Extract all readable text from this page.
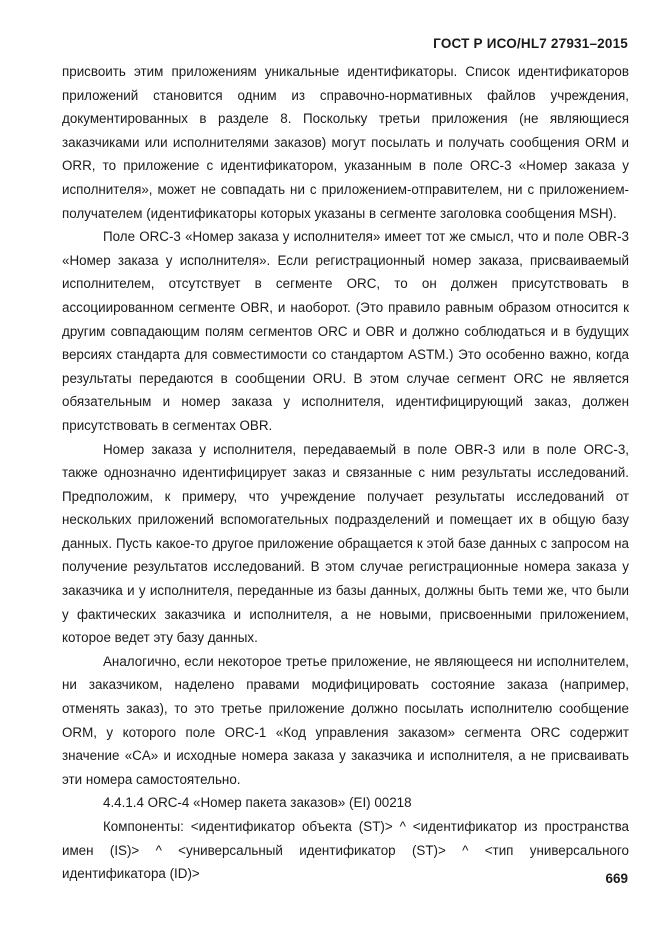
ГОСТ Р ИСО/HL7 27931–2015

присвоить этим приложениям уникальные идентификаторы. Список идентификаторов приложений становится одним из справочно-нормативных файлов учреждения, документированных в разделе 8. Поскольку третьи приложения (не являющиеся заказчиками или исполнителями заказов) могут посылать и получать сообщения ORM и ORR, то приложение с идентификатором, указанным в поле ORC-3 «Номер заказа у исполнителя», может не совпадать ни с приложением-отправителем, ни с приложением-получателем (идентификаторы которых указаны в сегменте заголовка сообщения MSH).

Поле ORC-3 «Номер заказа у исполнителя» имеет тот же смысл, что и поле OBR-3 «Номер заказа у исполнителя». Если регистрационный номер заказа, присваиваемый исполнителем, отсутствует в сегменте ORC, то он должен присутствовать в ассоциированном сегменте OBR, и наоборот. (Это правило равным образом относится к другим совпадающим полям сегментов ORC и OBR и должно соблюдаться и в будущих версиях стандарта для совместимости со стандартом ASTM.) Это особенно важно, когда результаты передаются в сообщении ORU. В этом случае сегмент ORC не является обязательным и номер заказа у исполнителя, идентифицирующий заказ, должен присутствовать в сегментах OBR.

Номер заказа у исполнителя, передаваемый в поле OBR-3 или в поле ORC-3, также однозначно идентифицирует заказ и связанные с ним результаты исследований. Предположим, к примеру, что учреждение получает результаты исследований от нескольких приложений вспомогательных подразделений и помещает их в общую базу данных. Пусть какое-то другое приложение обращается к этой базе данных с запросом на получение результатов исследований. В этом случае регистрационные номера заказа у заказчика и у исполнителя, переданные из базы данных, должны быть теми же, что были у фактических заказчика и исполнителя, а не новыми, присвоенными приложением, которое ведет эту базу данных.

Аналогично, если некоторое третье приложение, не являющееся ни исполнителем, ни заказчиком, наделено правами модифицировать состояние заказа (например, отменять заказ), то это третье приложение должно посылать исполнителю сообщение ORM, у которого поле ORC-1 «Код управления заказом» сегмента ORC содержит значение «CA» и исходные номера заказа у заказчика и исполнителя, а не присваивать эти номера самостоятельно.

4.4.1.4 ORC-4 «Номер пакета заказов» (EI) 00218

Компоненты: <идентификатор объекта (ST)> ^ <идентификатор из пространства имен (IS)> ^ <универсальный идентификатор (ST)> ^ <тип универсального идентификатора (ID)>	669
